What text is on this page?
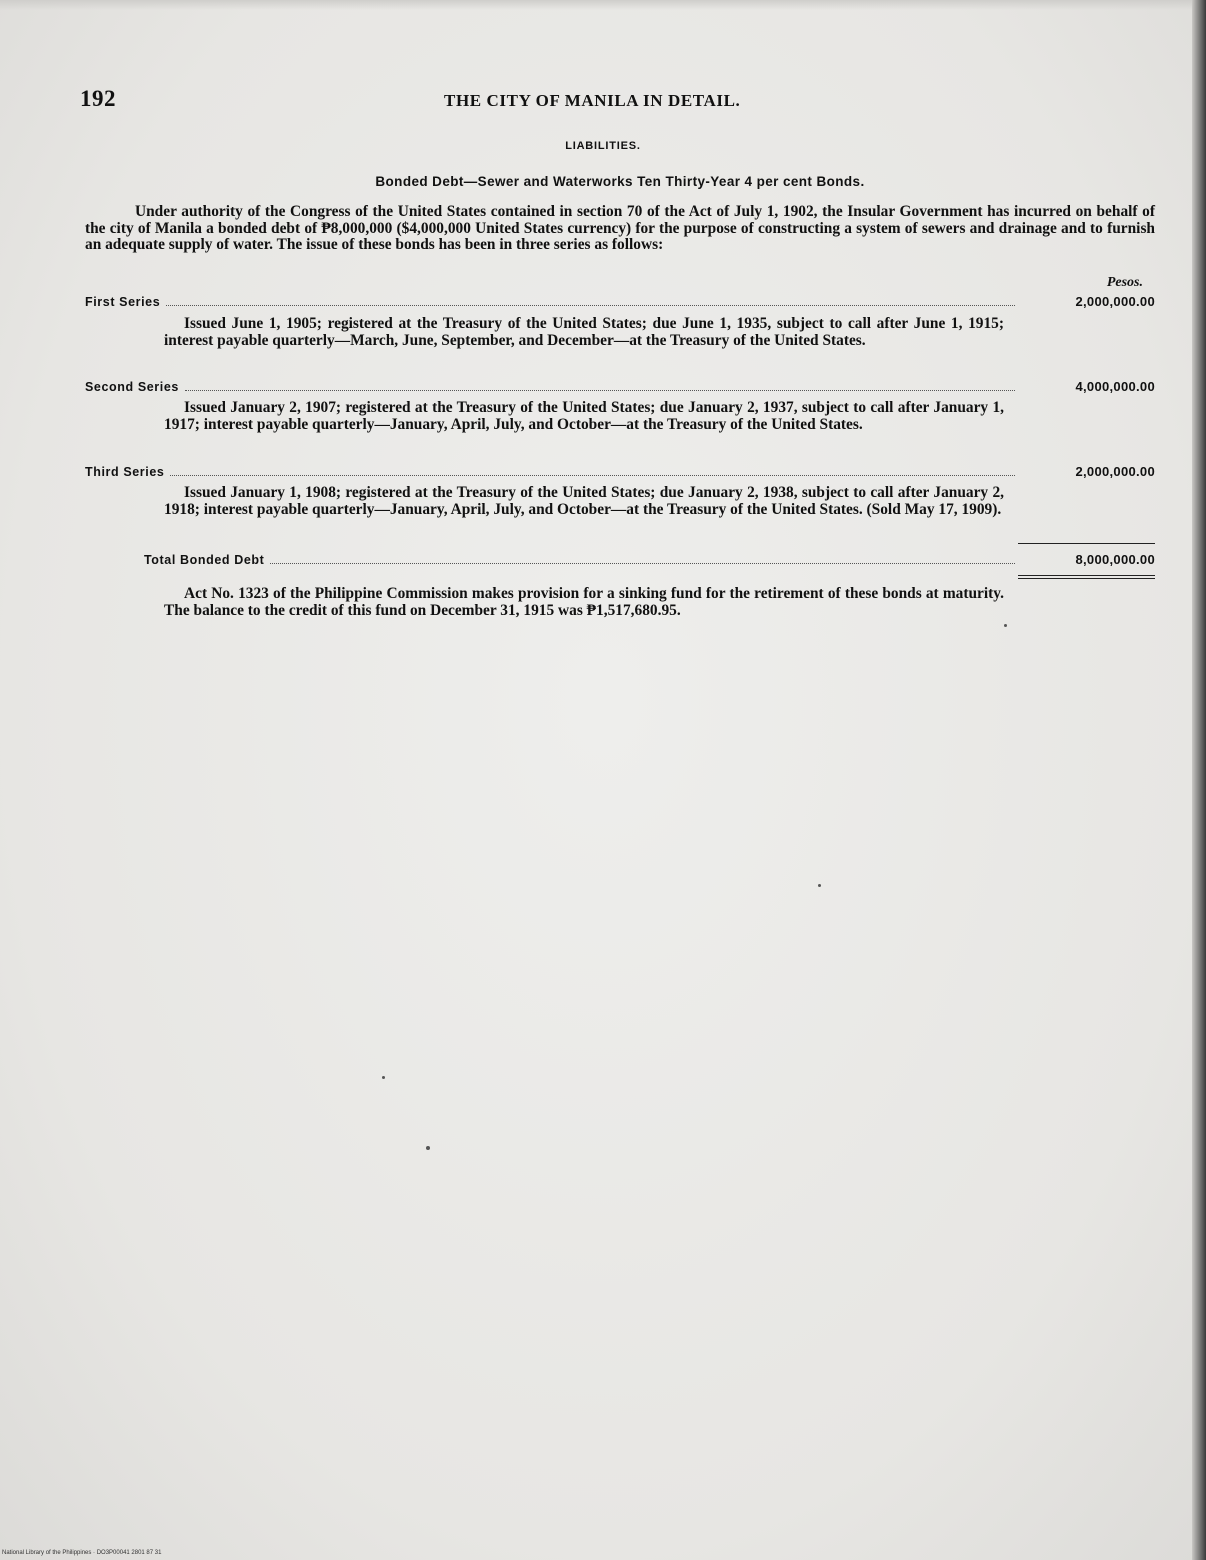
192	THE CITY OF MANILA IN DETAIL.
LIABILITIES.
Bonded Debt—Sewer and Waterworks Ten Thirty-Year 4 per cent Bonds.
Under authority of the Congress of the United States contained in section 70 of the Act of July 1, 1902, the Insular Government has incurred on behalf of the city of Manila a bonded debt of ₱8,000,000 ($4,000,000 United States currency) for the purpose of constructing a system of sewers and drainage and to furnish an adequate supply of water. The issue of these bonds has been in three series as follows:
Pesos.
First Series	2,000,000.00
Issued June 1, 1905; registered at the Treasury of the United States; due June 1, 1935, subject to call after June 1, 1915; interest payable quarterly—March, June, September, and December—at the Treasury of the United States.
Second Series	4,000,000.00
Issued January 2, 1907; registered at the Treasury of the United States; due January 2, 1937, subject to call after January 1, 1917; interest payable quarterly—January, April, July, and October—at the Treasury of the United States.
Third Series	2,000,000.00
Issued January 1, 1908; registered at the Treasury of the United States; due January 2, 1938, subject to call after January 2, 1918; interest payable quarterly—January, April, July, and October—at the Treasury of the United States. (Sold May 17, 1909).
Total Bonded Debt	8,000,000.00
Act No. 1323 of the Philippine Commission makes provision for a sinking fund for the retirement of these bonds at maturity. The balance to the credit of this fund on December 31, 1915 was ₱1,517,680.95.
National Library of the Philippines · DO3P00041 2801 87 31
